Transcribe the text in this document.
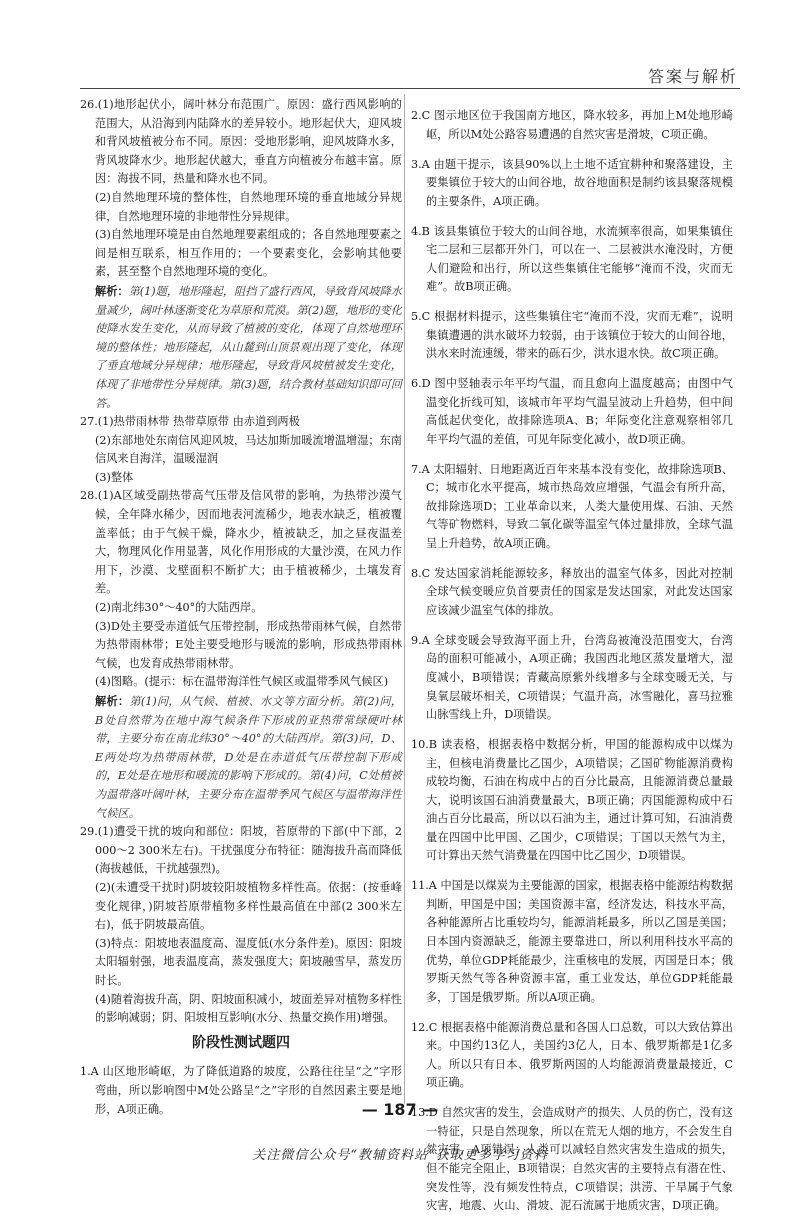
答案与解析

26.(1)地形起伏小，阔叶林分布范围广。原因：盛行西风影响的范围大，从沿海到内陆降水的差异较小。地形起伏大，迎风坡和背风坡植被分布不同。原因：受地形影响，迎风坡降水多，背风坡降水少。地形起伏越大，垂直方向植被分布越丰富。原因：海拔不同，热量和降水也不同。

(2)自然地理环境的整体性，自然地理环境的垂直地域分异规律，自然地理环境的非地带性分异规律。

(3)自然地理环境是由自然地理要素组成的；各自然地理要素之间是相互联系，相互作用的；一个要素变化，会影响其他要素，甚至整个自然地理环境的变化。

解析：第(1)题，地形隆起，阻挡了盛行西风，导致背风坡降水量减少，阔叶林逐渐变化为草原和荒漠。第(2)题，地形的变化使降水发生变化，从而导致了植被的变化，体现了自然地理环境的整体性；地形隆起，从山麓到山顶景观出现了变化，体现了垂直地域分异规律；地形隆起，导致背风坡植被发生变化，体现了非地带性分异规律。第(3)题，结合教材基础知识即可回答。

27.(1)热带雨林带 热带草原带 由赤道到两极

(2)东部地处东南信风迎风坡，马达加斯加暖流增温增湿；东南信风来自海洋，温暖湿润

(3)整体

28.(1)A区域受副热带高气压带及信风带的影响，为热带沙漠气候，全年降水稀少，因而地表河流稀少，地表水缺乏，植被覆盖率低；由于气候干燥，降水少，植被缺乏，加之昼夜温差大，物理风化作用显著，风化作用形成的大量沙漠，在风力作用下，沙漠、戈壁面积不断扩大；由于植被稀少，土壤发育差。

(2)南北纬30°～40°的大陆西岸。

(3)D处主要受赤道低气压带控制，形成热带雨林气候，自然带为热带雨林带；E处主要受地形与暖流的影响，形成热带雨林气候，也发育成热带雨林带。

(4)图略。(提示：标在温带海洋性气候区或温带季风气候区)

解析：第(1)问，从气候、植被、水文等方面分析。第(2)问，B处自然带为在地中海气候条件下形成的亚热带常绿硬叶林带，主要分布在南北纬30°～40°的大陆西岸。第(3)问，D、E两处均为热带雨林带，D处是在赤道低气压带控制下形成的，E处是在地形和暖流的影响下形成的。第(4)问，C处植被为温带落叶阔叶林，主要分布在温带季风气候区与温带海洋性气候区。

29.(1)遭受干扰的坡向和部位：阳坡，苔原带的下部(中下部，2 000～2 300米左右)。干扰强度分布特征：随海拔升高而降低(海拔越低，干扰越强烈)。

(2)(未遭受干扰时)阴坡较阳坡植物多样性高。依据：(按垂峰变化规律，)阴坡苔原带植物多样性最高值在中部(2 300米左右)，低于阴坡最高值。

(3)特点：阳坡地表温度高、湿度低(水分条件差)。原因：阳坡太阳辐射强，地表温度高，蒸发强度大；阳坡融雪早，蒸发历时长。

(4)随着海拔升高，阴、阳坡面积减小，坡面差异对植物多样性的影响减弱；阴、阳坡相互影响(水分、热量交换作用)增强。

阶段性测试题四

1.A 山区地形崎岖，为了降低道路的坡度，公路往往呈“之”字形弯曲，所以影响图中M处公路呈“之”字形的自然因素主要是地形，A项正确。

2.C 图示地区位于我国南方地区，降水较多，再加上M处地形崎岖，所以M处公路容易遭遇的自然灾害是滑坡，C项正确。

3.A 由题干提示，该县90%以上土地不适宜耕种和聚落建设，主要集镇位于较大的山间谷地，故谷地面积是制约该县聚落规模的主要条件，A项正确。

4.B 该县集镇位于较大的山间谷地，水流频率很高，如果集镇住宅二层和三层都开外门，可以在一、二层被洪水淹没时，方便人们避险和出行，所以这些集镇住宅能够“淹而不没，灾而无难”。故B项正确。

5.C 根据材料提示，这些集镇住宅“淹而不没，灾而无难”，说明集镇遭遇的洪水破坏力较弱，由于该镇位于较大的山间谷地，洪水来时流速缓，带来的砾石少，洪水退水快。故C项正确。

6.D 图中竖轴表示年平均气温，而且愈向上温度越高；由图中气温变化折线可知，该城市年平均气温呈波动上升趋势，但中间高低起伏变化，故排除选项A、B；年际变化注意观察相邻几年平均气温的差值，可见年际变化减小，故D项正确。

7.A 太阳辐射、日地距离近百年来基本没有变化，故排除选项B、C；城市化水平提高，城市热岛效应增强，气温会有所升高，故排除选项D；工业革命以来，人类大量使用煤、石油、天然气等矿物燃料，导致二氧化碳等温室气体过量排放，全球气温呈上升趋势，故A项正确。

8.C 发达国家消耗能源较多，释放出的温室气体多，因此对控制全球气候变暖应负首要责任的国家是发达国家，对此发达国家应该减少温室气体的排放。

9.A 全球变暖会导致海平面上升，台湾岛被淹没范围变大，台湾岛的面积可能减小，A项正确；我国西北地区蒸发量增大，湿度减小，B项错误；青藏高原紫外线增多与全球变暖无关，与臭氧层破坏相关，C项错误；气温升高，冰雪融化，喜马拉雅山脉雪线上升，D项错误。

10.B 读表格，根据表格中数据分析，甲国的能源构成中以煤为主，但核电消费量比乙国少，A项错误；乙国矿物能源消费构成较均衡，石油在构成中占的百分比最高，且能源消费总量最大，说明该国石油消费量最大，B项正确；丙国能源构成中石油占百分比最高，所以以石油为主，通过计算可知，石油消费量在四国中比甲国、乙国少，C项错误；丁国以天然气为主，可计算出天然气消费量在四国中比乙国少，D项错误。

11.A 中国是以煤炭为主要能源的国家，根据表格中能源结构数据判断，甲国是中国；美国资源丰富，经济发达，科技水平高，各种能源所占比重较均匀，能源消耗最多，所以乙国是美国；日本国内资源缺乏，能源主要靠进口，所以利用科技水平高的优势，单位GDP耗能最少，注重核电的发展，丙国是日本；俄罗斯天然气等各种资源丰富，重工业发达，单位GDP耗能最多，丁国是俄罗斯。所以A项正确。

12.C 根据表格中能源消费总量和各国人口总数，可以大致估算出来。中国约13亿人，美国约3亿人，日本、俄罗斯都是1亿多人。所以只有日本、俄罗斯两国的人均能源消费量最接近，C项正确。

13.D 自然灾害的发生，会造成财产的损失、人员的伤亡，没有这一特征，只是自然现象，所以在荒无人烟的地方，不会发生自然灾害，A项错误；人类可以减轻自然灾害发生造成的损失，但不能完全阻止，B项错误；自然灾害的主要特点有潜在性、突发性等，没有频发性特点，C项错误；洪涝、干旱属于气象灾害，地震、火山、滑坡、泥石流属于地质灾害，D项正确。

— 187 —
关注微信公众号“教辅资料站”获取更多学习资料
